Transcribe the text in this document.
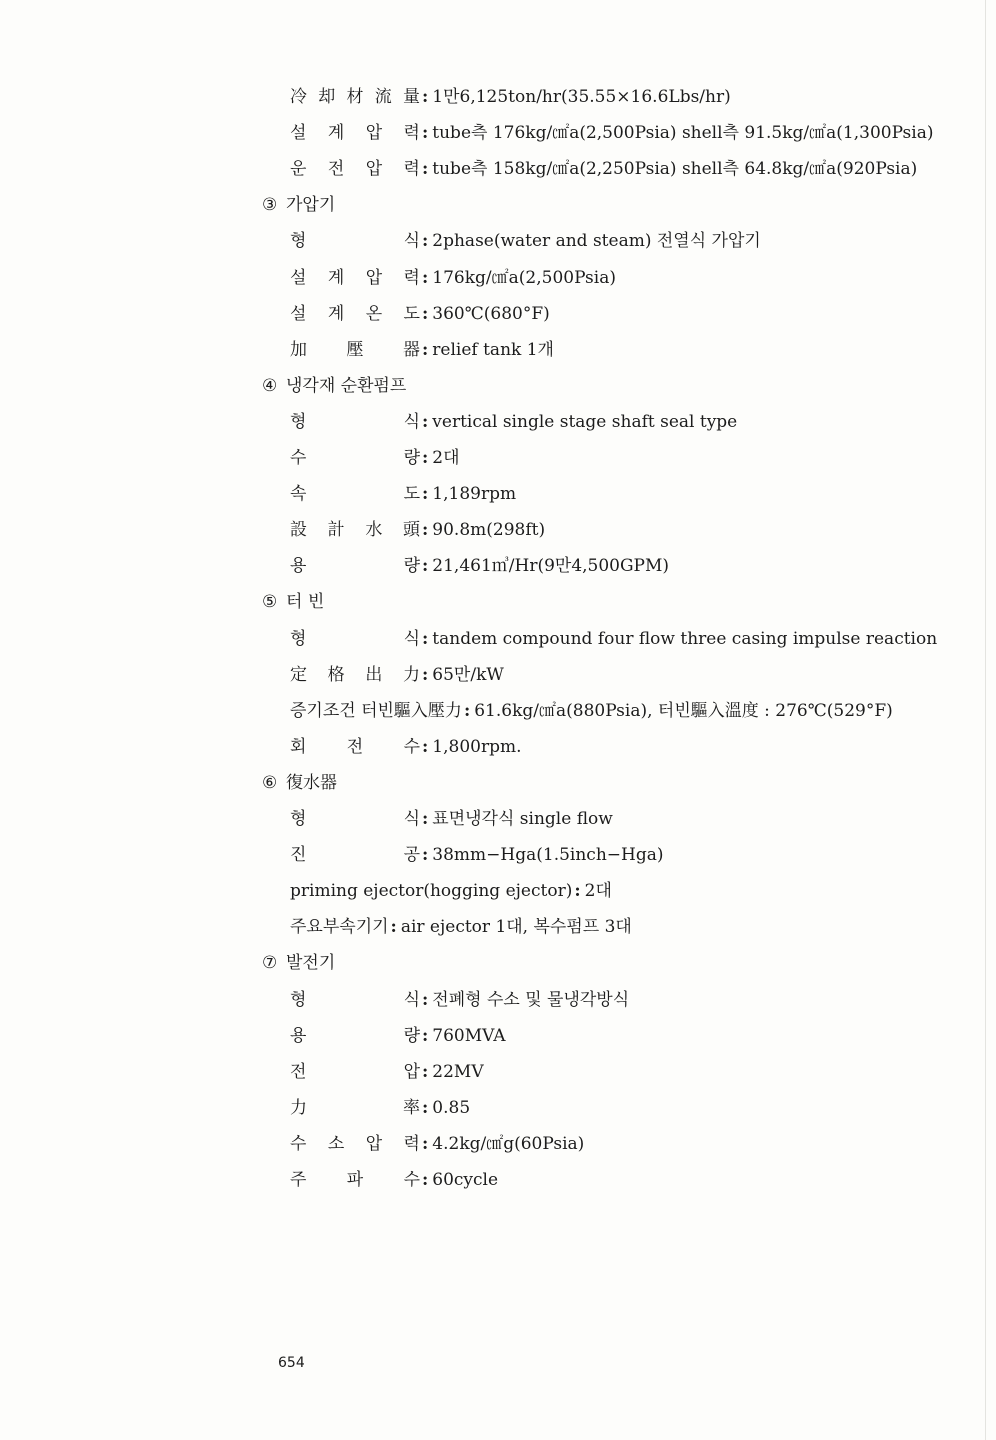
654
冷 却 材 流 量 : 1만6,125ton/hr(35.55×16.6Lbs/hr)
설 계 압 력 : tube측 176kg/㎠a(2,500Psia) shell측 91.5kg/㎠a(1,300Psia)
운 전 압 력 : tube측 158kg/㎠a(2,250Psia) shell측 64.8kg/㎠a(920Psia)
③ 가압기
형	식 : 2phase(water and steam) 전열식 가압기
설 계 압 력 : 176kg/㎠a(2,500Psia)
설 계 온 도 : 360℃(680°F)
加 壓 器 : relief tank 1개
④ 냉각재 순환펌프
형	식 : vertical single stage shaft seal type
수	량 : 2대
속	도 : 1,189rpm
設 計 水 頭 : 90.8m(298ft)
용	량 : 21,461㎥/Hr(9만4,500GPM)
⑤ 터 빈
형	식 : tandem compound four flow three casing impulse reaction
定 格 出 力 : 65만/kW
증기조건 터빈驅入壓力 : 61.6kg/㎠a(880Psia), 터빈驅入溫度 : 276℃(529°F)
회 전 수 : 1,800rpm.
⑥ 復水器
형	식 : 표면냉각식 single flow
진	공 : 38mm−Hga(1.5inch−Hga)
priming ejector(hogging ejector) : 2대
주요부속기기 : air ejector 1대, 복수펌프 3대
⑦ 발전기
형	식 : 전폐형 수소 및 물냉각방식
용	량 : 760MVA
전	압 : 22MV
力	率 : 0.85
수 소 압 력 : 4.2kg/㎠g(60Psia)
주 파 수 : 60cycle
